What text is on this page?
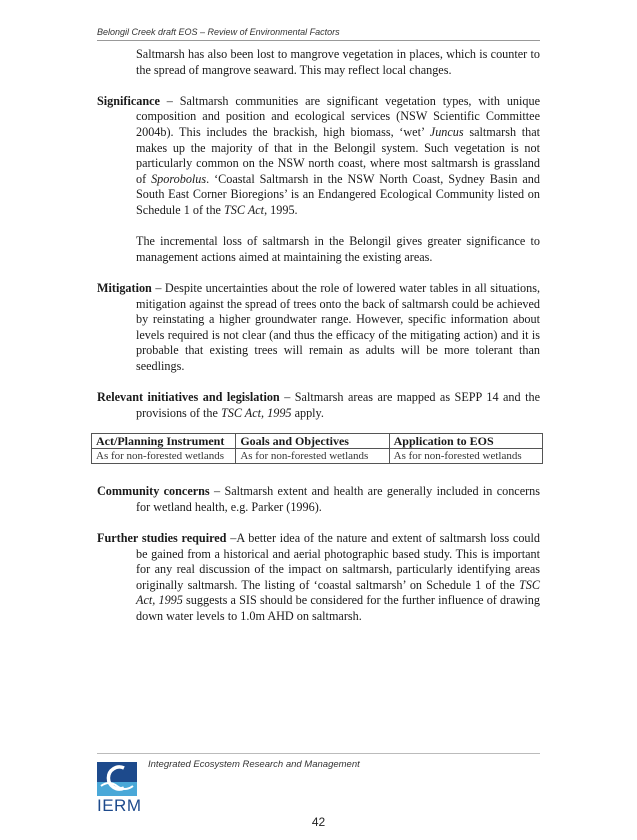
Belongil Creek draft EOS – Review of Environmental Factors

Saltmarsh has also been lost to mangrove vegetation in places, which is counter to the spread of mangrove seaward. This may reflect local changes.

Significance – Saltmarsh communities are significant vegetation types, with unique composition and position and ecological services (NSW Scientific Committee 2004b). This includes the brackish, high biomass, ‘wet’ Juncus saltmarsh that makes up the majority of that in the Belongil system. Such vegetation is not particularly common on the NSW north coast, where most saltmarsh is grassland of Sporobolus. ‘Coastal Saltmarsh in the NSW North Coast, Sydney Basin and South East Corner Bioregions’ is an Endangered Ecological Community listed on Schedule 1 of the TSC Act, 1995.

The incremental loss of saltmarsh in the Belongil gives greater significance to management actions aimed at maintaining the existing areas.

Mitigation – Despite uncertainties about the role of lowered water tables in all situations, mitigation against the spread of trees onto the back of saltmarsh could be achieved by reinstating a higher groundwater range. However, specific information about levels required is not clear (and thus the efficacy of the mitigating action) and it is probable that existing trees will remain as adults will be more tolerant than seedlings.

Relevant initiatives and legislation – Saltmarsh areas are mapped as SEPP 14 and the provisions of the TSC Act, 1995 apply.

Act/Planning Instrument	Goals and Objectives	Application to EOS
As for non-forested wetlands	As for non-forested wetlands	As for non-forested wetlands

Community concerns – Saltmarsh extent and health are generally included in concerns for wetland health, e.g. Parker (1996).

Further studies required –A better idea of the nature and extent of saltmarsh loss could be gained from a historical and aerial photographic based study. This is important for any real discussion of the impact on saltmarsh, particularly identifying areas originally saltmarsh. The listing of ‘coastal saltmarsh’ on Schedule 1 of the TSC Act, 1995 suggests a SIS should be considered for the further influence of drawing down water levels to 1.0m AHD on saltmarsh.

Integrated Ecosystem Research and Management
IERM
42
